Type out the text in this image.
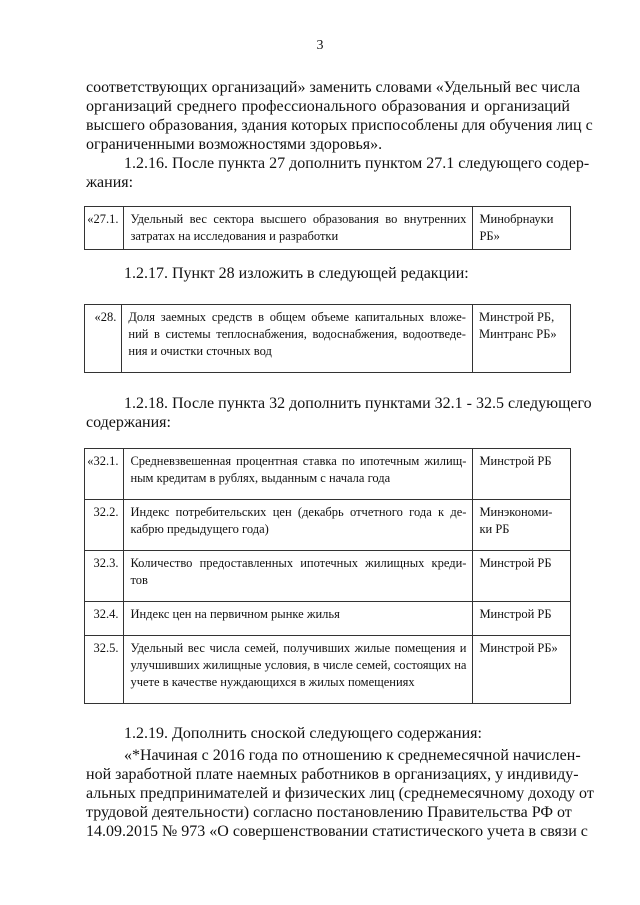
3
соответствующих организаций» заменить словами «Удельный вес числа
организаций среднего профессионального образования и организаций
высшего образования, здания которых приспособлены для обучения лиц с
ограниченными возможностями здоровья».
1.2.16. После пункта 27 дополнить пунктом 27.1 следующего содер-
жания:
«27.1.	Удельный вес сектора высшего образования во внутренних затратах на исследования и разработки	Минобрнауки РБ»
1.2.17. Пункт 28 изложить в следующей редакции:
«28.	Доля заемных средств в общем объеме капитальных вложе-ний в системы теплоснабжения, водоснабжения, водоотведе-ния и очистки сточных вод	Минстрой РБ, Минтранс РБ»
1.2.18. После пункта 32 дополнить пунктами 32.1 - 32.5 следующего
содержания:
«32.1.	Средневзвешенная процентная ставка по ипотечным жилищ-ным кредитам в рублях, выданным с начала года	Минстрой РБ
32.2.	Индекс потребительских цен (декабрь отчетного года к де-кабрю предыдущего года)	Минэкономи-ки РБ
32.3.	Количество предоставленных ипотечных жилищных креди-тов	Минстрой РБ
32.4.	Индекс цен на первичном рынке жилья	Минстрой РБ
32.5.	Удельный вес числа семей, получивших жилые помещения и улучшивших жилищные условия, в числе семей, состоящих на учете в качестве нуждающихся в жилых помещениях	Минстрой РБ»
1.2.19. Дополнить сноской следующего содержания:
«*Начиная с 2016 года по отношению к среднемесячной начислен-
ной заработной плате наемных работников в организациях, у индивиду-
альных предпринимателей и физических лиц (среднемесячному доходу от
трудовой деятельности) согласно постановлению Правительства РФ от
14.09.2015 № 973 «О совершенствовании статистического учета в связи с
